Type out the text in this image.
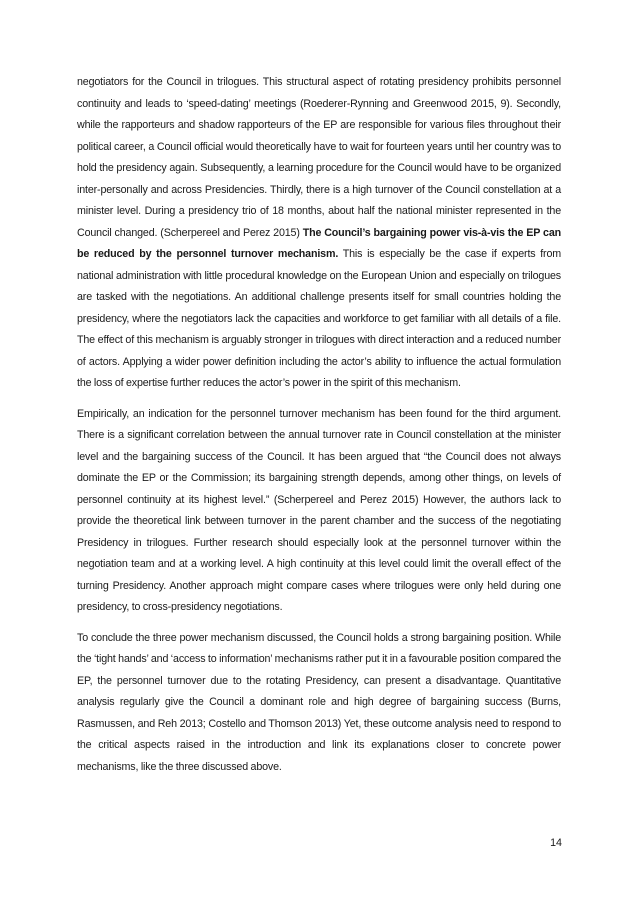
negotiators for the Council in trilogues. This structural aspect of rotating presidency prohibits personnel continuity and leads to ‘speed-dating’ meetings (Roederer-Rynning and Greenwood 2015, 9). Secondly, while the rapporteurs and shadow rapporteurs of the EP are responsible for various files throughout their political career, a Council official would theoretically have to wait for fourteen years until her country was to hold the presidency again. Subsequently, a learning procedure for the Council would have to be organized inter-personally and across Presidencies. Thirdly, there is a high turnover of the Council constellation at a minister level. During a presidency trio of 18 months, about half the national minister represented in the Council changed. (Scherpereel and Perez 2015) The Council’s bargaining power vis-à-vis the EP can be reduced by the personnel turnover mechanism. This is especially be the case if experts from national administration with little procedural knowledge on the European Union and especially on trilogues are tasked with the negotiations. An additional challenge presents itself for small countries holding the presidency, where the negotiators lack the capacities and workforce to get familiar with all details of a file. The effect of this mechanism is arguably stronger in trilogues with direct interaction and a reduced number of actors. Applying a wider power definition including the actor’s ability to influence the actual formulation the loss of expertise further reduces the actor’s power in the spirit of this mechanism.

Empirically, an indication for the personnel turnover mechanism has been found for the third argument. There is a significant correlation between the annual turnover rate in Council constellation at the minister level and the bargaining success of the Council. It has been argued that “the Council does not always dominate the EP or the Commission; its bargaining strength depends, among other things, on levels of personnel continuity at its highest level.” (Scherpereel and Perez 2015) However, the authors lack to provide the theoretical link between turnover in the parent chamber and the success of the negotiating Presidency in trilogues. Further research should especially look at the personnel turnover within the negotiation team and at a working level. A high continuity at this level could limit the overall effect of the turning Presidency. Another approach might compare cases where trilogues were only held during one presidency, to cross-presidency negotiations.

To conclude the three power mechanism discussed, the Council holds a strong bargaining position. While the ‘tight hands’ and ‘access to information’ mechanisms rather put it in a favourable position compared the EP, the personnel turnover due to the rotating Presidency, can present a disadvantage. Quantitative analysis regularly give the Council a dominant role and high degree of bargaining success (Burns, Rasmussen, and Reh 2013; Costello and Thomson 2013) Yet, these outcome analysis need to respond to the critical aspects raised in the introduction and link its explanations closer to concrete power mechanisms, like the three discussed above.

14
